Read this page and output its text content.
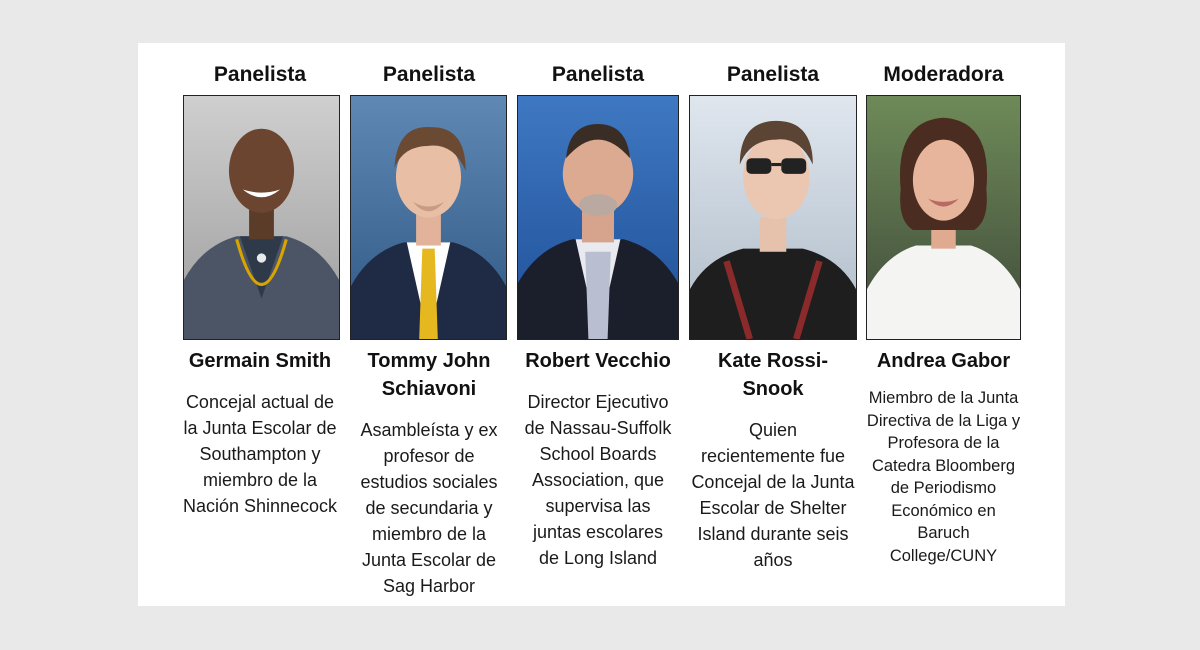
Panelista
Germain Smith
Concejal actual de la Junta Escolar de Southampton y miembro de la Nación Shinnecock
Panelista
Tommy John Schiavoni
Asambleísta y ex profesor de estudios sociales de secundaria y miembro de la Junta Escolar de Sag Harbor
Panelista
Robert Vecchio
Director Ejecutivo de Nassau-Suffolk School Boards Association, que supervisa las juntas escolares de Long Island
Panelista
Kate Rossi-Snook
Quien recientemente fue Concejal de la Junta Escolar de Shelter Island durante seis años
Moderadora
Andrea Gabor
Miembro de la Junta Directiva de la Liga y Profesora de la Catedra Bloomberg de Periodismo Económico en Baruch College/CUNY
